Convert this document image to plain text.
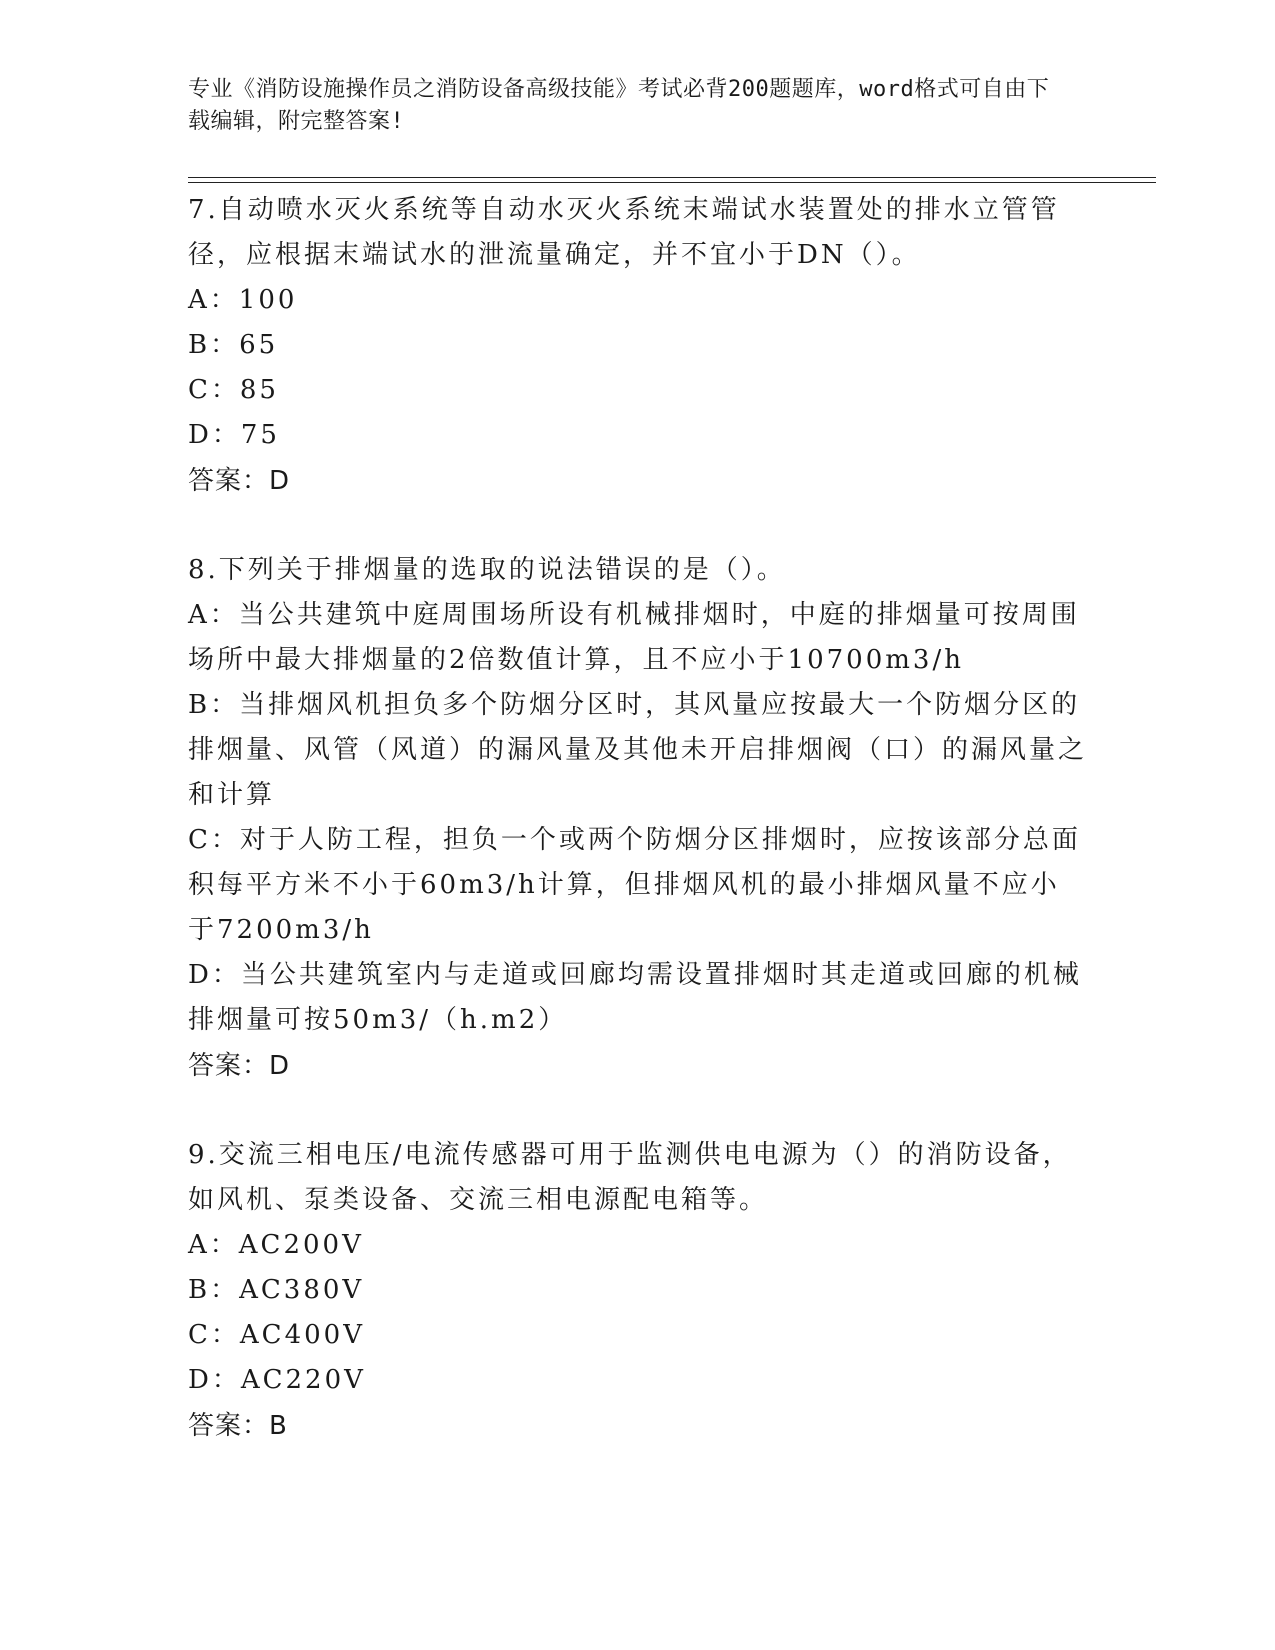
专业《消防设施操作员之消防设备高级技能》考试必背200题题库，word格式可自由下载编辑，附完整答案!

7.自动喷水灭火系统等自动水灭火系统末端试水装置处的排水立管管径，应根据末端试水的泄流量确定，并不宜小于DN（）。

A：100

B：65

C：85

D：75

答案：D

8.下列关于排烟量的选取的说法错误的是（）。

A：当公共建筑中庭周围场所设有机械排烟时，中庭的排烟量可按周围场所中最大排烟量的2倍数值计算，且不应小于10700m3/h

B：当排烟风机担负多个防烟分区时，其风量应按最大一个防烟分区的排烟量、风管（风道）的漏风量及其他未开启排烟阀（口）的漏风量之和计算

C：对于人防工程，担负一个或两个防烟分区排烟时，应按该部分总面积每平方米不小于60m3/h计算，但排烟风机的最小排烟风量不应小于7200m3/h

D：当公共建筑室内与走道或回廊均需设置排烟时其走道或回廊的机械排烟量可按50m3/（h.m2）

答案：D

9.交流三相电压/电流传感器可用于监测供电电源为（）的消防设备，如风机、泵类设备、交流三相电源配电箱等。

A：AC200V

B：AC380V

C：AC400V

D：AC220V

答案：B
